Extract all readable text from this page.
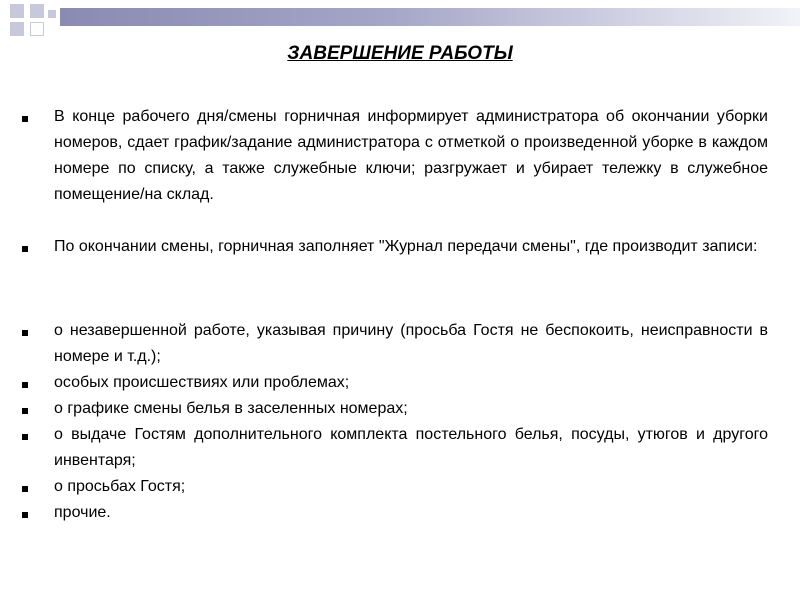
ЗАВЕРШЕНИЕ РАБОТЫ

В конце рабочего дня/смены горничная информирует администратора об окончании уборки номеров, сдает график/задание администратора с отметкой о произведенной уборке в каждом номере по списку, а также служебные ключи; разгружает и убирает тележку в служебное помещение/на склад.

По окончании смены, горничная заполняет "Журнал передачи смены", где производит записи:

о незавершенной работе, указывая причину (просьба Гостя не беспокоить, неисправности в номере и т.д.);

особых происшествиях или проблемах;

о графике смены белья в заселенных номерах;

о выдаче Гостям дополнительного комплекта постельного белья, посуды, утюгов и другого инвентаря;

о просьбах Гостя;

прочие.
